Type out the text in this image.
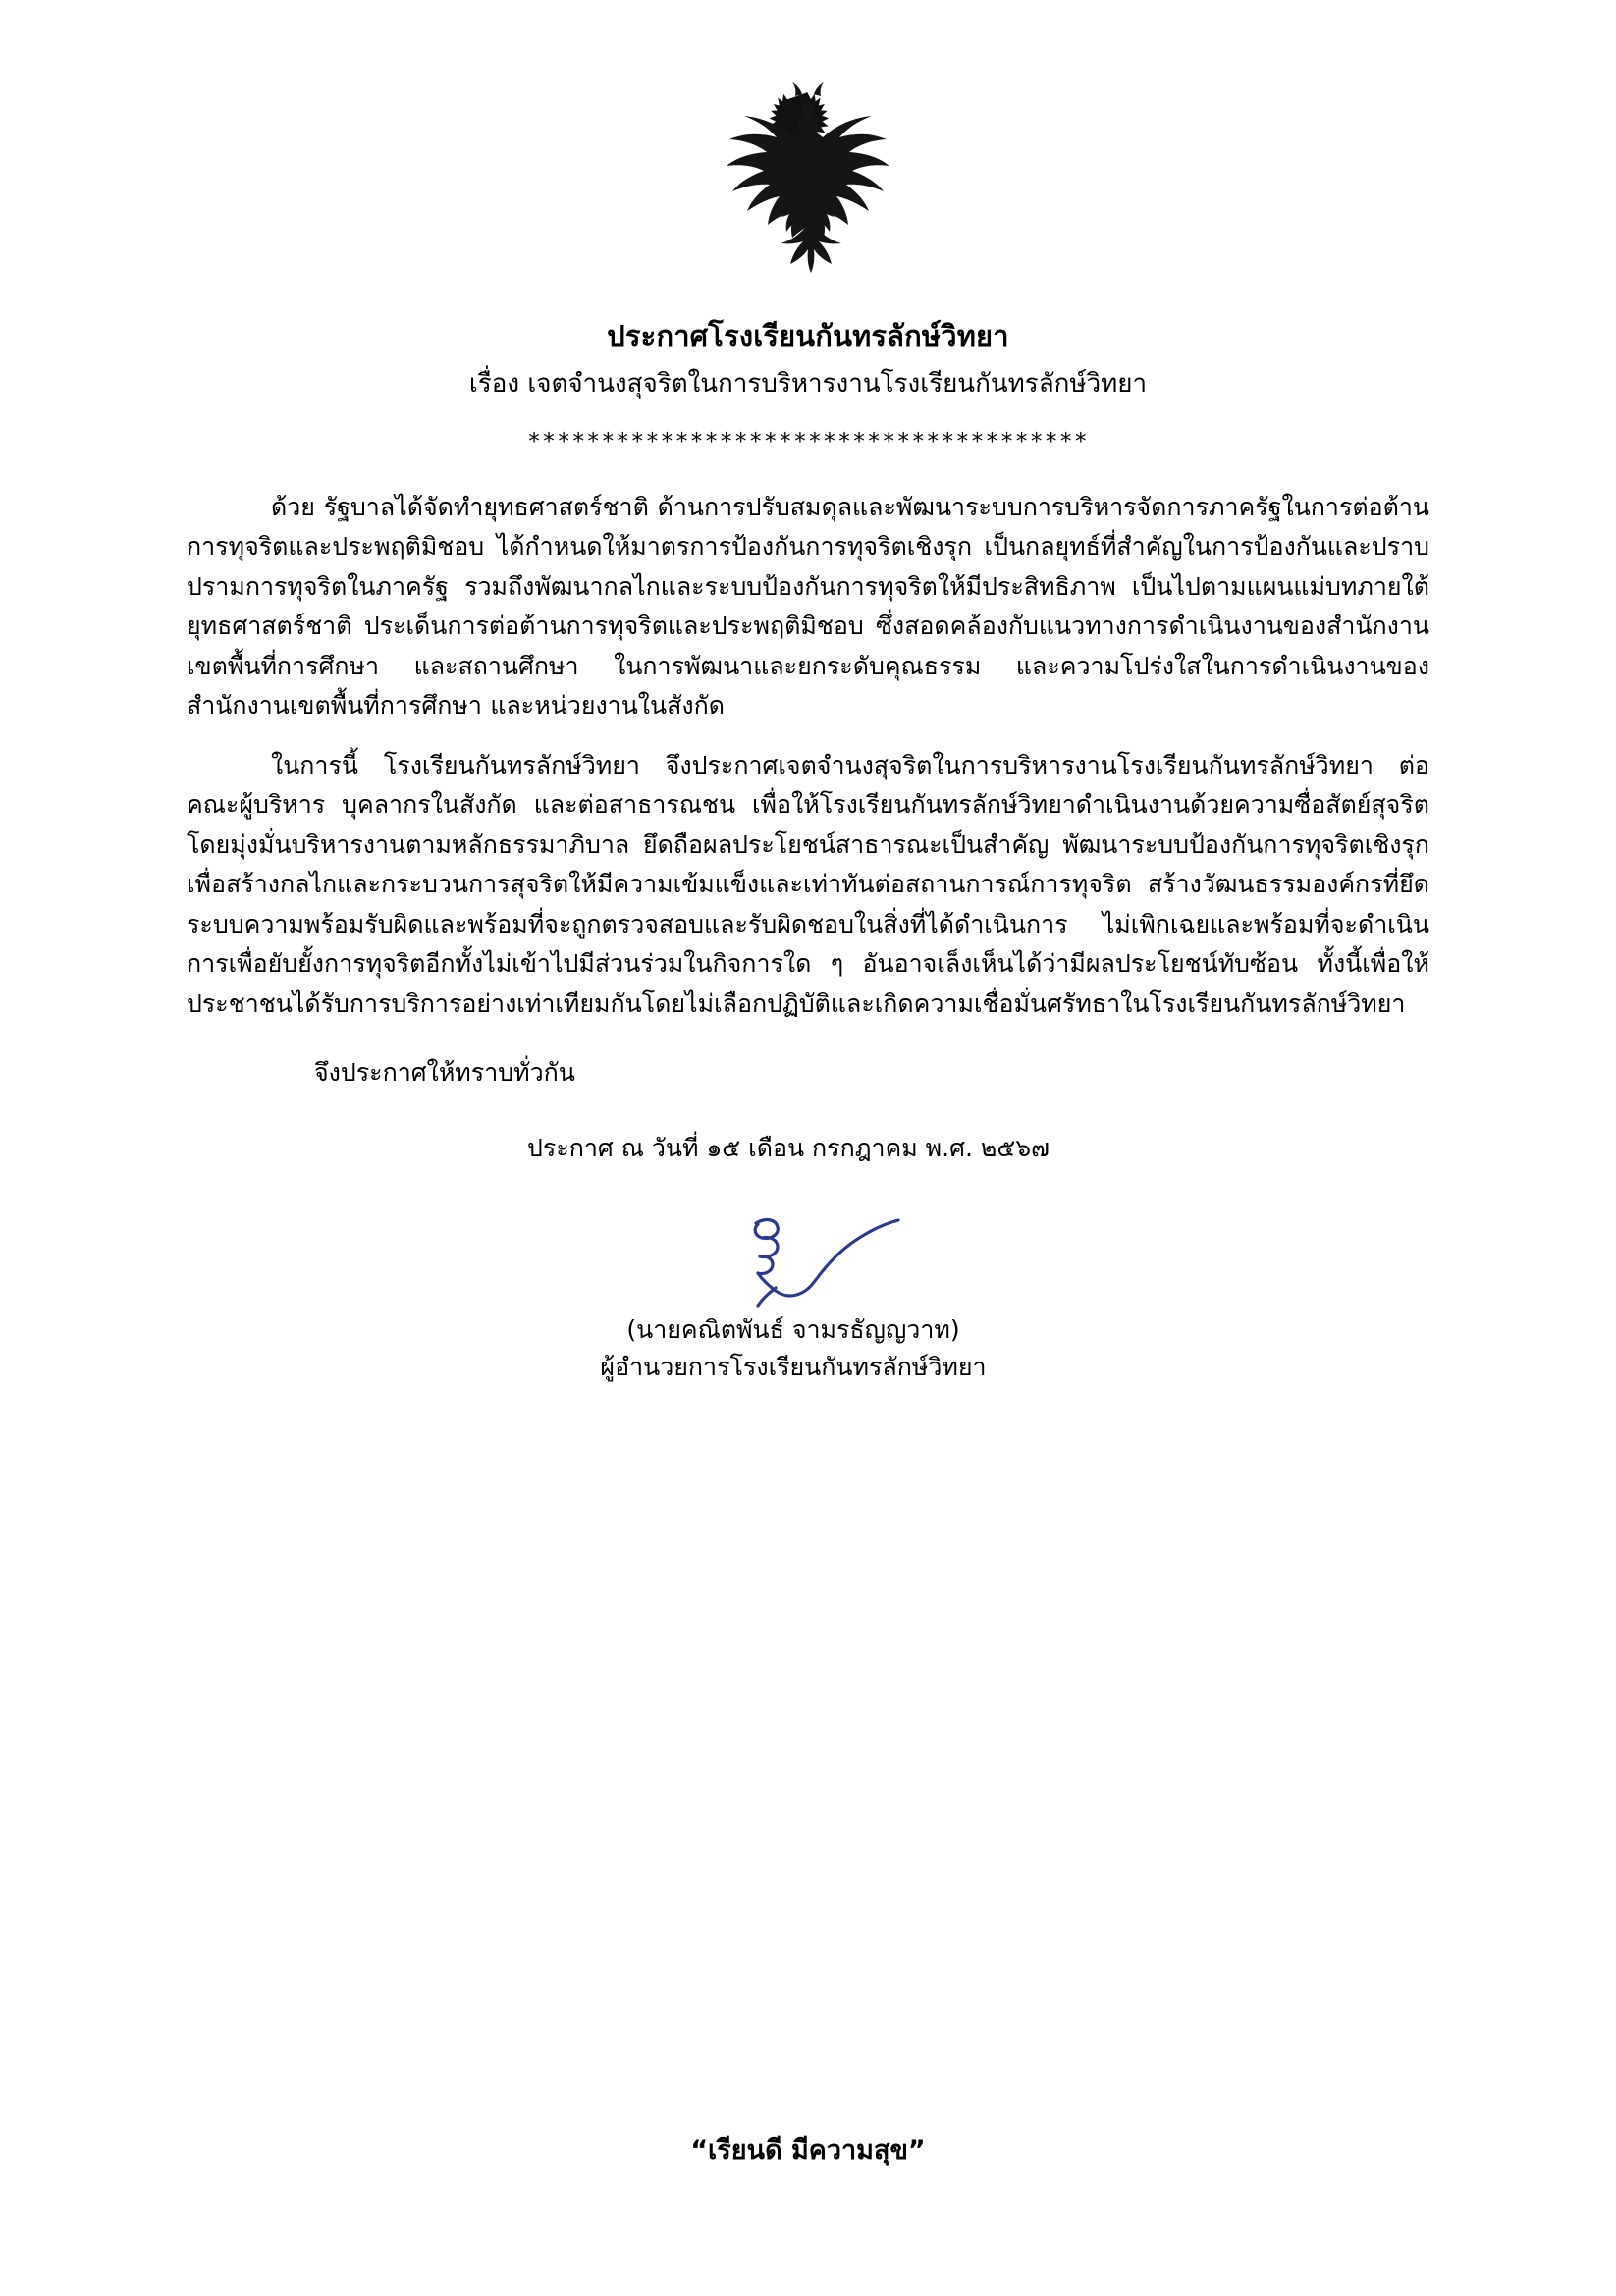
ประกาศโรงเรียนกันทรลักษ์วิทยา
เรื่อง เจตจำนงสุจริตในการบริหารงานโรงเรียนกันทรลักษ์วิทยา
**************************************

ด้วย รัฐบาลได้จัดทำยุทธศาสตร์ชาติ ด้านการปรับสมดุลและพัฒนาระบบการบริหารจัดการภาครัฐในการต่อต้านการทุจริตและประพฤติมิชอบ ได้กำหนดให้มาตรการป้องกันการทุจริตเชิงรุก เป็นกลยุทธ์ที่สำคัญในการป้องกันและปราบปรามการทุจริตในภาครัฐ รวมถึงพัฒนากลไกและระบบป้องกันการทุจริตให้มีประสิทธิภาพ เป็นไปตามแผนแม่บทภายใต้ยุทธศาสตร์ชาติ ประเด็นการต่อต้านการทุจริตและประพฤติมิชอบ ซึ่งสอดคล้องกับแนวทางการดำเนินงานของสำนักงานเขตพื้นที่การศึกษา และสถานศึกษา ในการพัฒนาและยกระดับคุณธรรม และความโปร่งใสในการดำเนินงานของสำนักงานเขตพื้นที่การศึกษา และหน่วยงานในสังกัด

ในการนี้ โรงเรียนกันทรลักษ์วิทยา จึงประกาศเจตจำนงสุจริตในการบริหารงานโรงเรียนกันทรลักษ์วิทยา ต่อคณะผู้บริหาร บุคลากรในสังกัด และต่อสาธารณชน เพื่อให้โรงเรียนกันทรลักษ์วิทยาดำเนินงานด้วยความซื่อสัตย์สุจริต โดยมุ่งมั่นบริหารงานตามหลักธรรมาภิบาล ยึดถือผลประโยชน์สาธารณะเป็นสำคัญ พัฒนาระบบป้องกันการทุจริตเชิงรุก เพื่อสร้างกลไกและกระบวนการสุจริตให้มีความเข้มแข็งและเท่าทันต่อสถานการณ์การทุจริต สร้างวัฒนธรรมองค์กรที่ยึดระบบความพร้อมรับผิดและพร้อมที่จะถูกตรวจสอบและรับผิดชอบในสิ่งที่ได้ดำเนินการ ไม่เพิกเฉยและพร้อมที่จะดำเนินการเพื่อยับยั้งการทุจริตอีกทั้งไม่เข้าไปมีส่วนร่วมในกิจการใด ๆ อันอาจเล็งเห็นได้ว่ามีผลประโยชน์ทับซ้อน ทั้งนี้เพื่อให้ประชาชนได้รับการบริการอย่างเท่าเทียมกันโดยไม่เลือกปฏิบัติและเกิดความเชื่อมั่นศรัทธาในโรงเรียนกันทรลักษ์วิทยา

จึงประกาศให้ทราบทั่วกัน

ประกาศ ณ วันที่ ๑๕ เดือน กรกฎาคม พ.ศ. ๒๕๖๗

(นายคณิตพันธ์ จามรธัญญวาท)
ผู้อำนวยการโรงเรียนกันทรลักษ์วิทยา
“เรียนดี มีความสุข”
